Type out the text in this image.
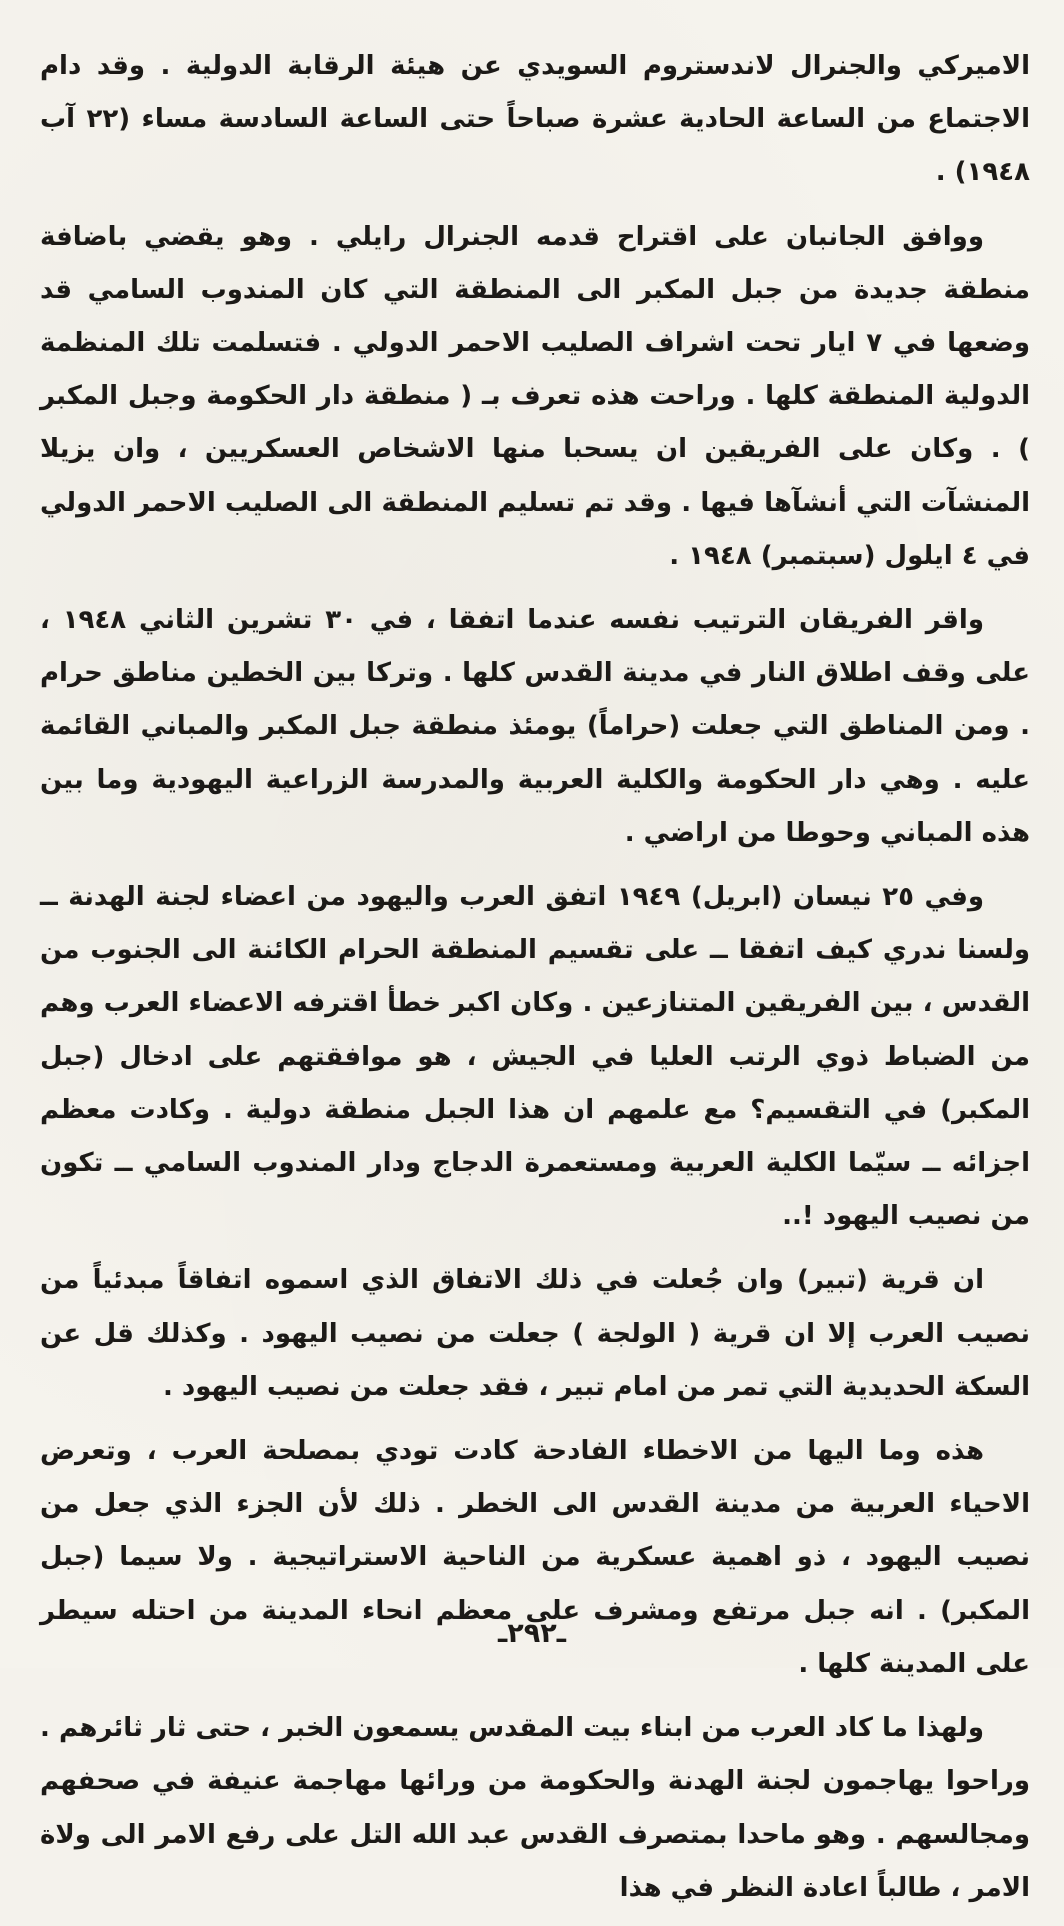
الاميركي والجنرال لاندستروم السويدي عن هيئة الرقابة الدولية . وقد دام الاجتماع من الساعة الحادية عشرة صباحاً حتى الساعة السادسة مساء (٢٢ آب ١٩٤٨) .

ووافق الجانبان على اقتراح قدمه الجنرال رايلي . وهو يقضي باضافة منطقة جديدة من جبل المكبر الى المنطقة التي كان المندوب السامي قد وضعها في ٧ ايار تحت اشراف الصليب الاحمر الدولي . فتسلمت تلك المنظمة الدولية المنطقة كلها . وراحت هذه تعرف بـ ( منطقة دار الحكومة وجبل المكبر ) . وكان على الفريقين ان يسحبا منها الاشخاص العسكريين ، وان يزيلا المنشآت التي أنشآها فيها . وقد تم تسليم المنطقة الى الصليب الاحمر الدولي في ٤ ايلول (سبتمبر) ١٩٤٨ .

واقر الفريقان الترتيب نفسه عندما اتفقا ، في ٣٠ تشرين الثاني ١٩٤٨ ، على وقف اطلاق النار في مدينة القدس كلها . وتركا بين الخطين مناطق حرام . ومن المناطق التي جعلت (حراماً) يومئذ منطقة جبل المكبر والمباني القائمة عليه . وهي دار الحكومة والكلية العربية والمدرسة الزراعية اليهودية وما بين هذه المباني وحوطا من اراضي .

وفي ٢٥ نيسان (ابريل) ١٩٤٩ اتفق العرب واليهود من اعضاء لجنة الهدنة ــ ولسنا ندري كيف اتفقا ــ على تقسيم المنطقة الحرام الكائنة الى الجنوب من القدس ، بين الفريقين المتنازعين . وكان اكبر خطأ اقترفه الاعضاء العرب وهم من الضباط ذوي الرتب العليا في الجيش ، هو موافقتهم على ادخال (جبل المكبر) في التقسيم؟ مع علمهم ان هذا الجبل منطقة دولية . وكادت معظم اجزائه ــ سيّما الكلية العربية ومستعمرة الدجاج ودار المندوب السامي ــ تكون من نصيب اليهود !..

ان قرية (تبير) وان جُعلت في ذلك الاتفاق الذي اسموه اتفاقاً مبدئياً من نصيب العرب إلا ان قرية ( الولجة ) جعلت من نصيب اليهود . وكذلك قل عن السكة الحديدية التي تمر من امام تبير ، فقد جعلت من نصيب اليهود .

هذه وما اليها من الاخطاء الفادحة كادت تودي بمصلحة العرب ، وتعرض الاحياء العربية من مدينة القدس الى الخطر . ذلك لأن الجزء الذي جعل من نصيب اليهود ، ذو اهمية عسكرية من الناحية الاستراتيجية . ولا سيما (جبل المكبر) . انه جبل مرتفع ومشرف على معظم انحاء المدينة من احتله سيطر على المدينة كلها .

ولهذا ما كاد العرب من ابناء بيت المقدس يسمعون الخبر ، حتى ثار ثائرهم . وراحوا يهاجمون لجنة الهدنة والحكومة من ورائها مهاجمة عنيفة في صحفهم ومجالسهم . وهو ماحدا بمتصرف القدس عبد الله التل على رفع الامر الى ولاة الامر ، طالباً اعادة النظر في هذا

ـ٢٩٢ـ
